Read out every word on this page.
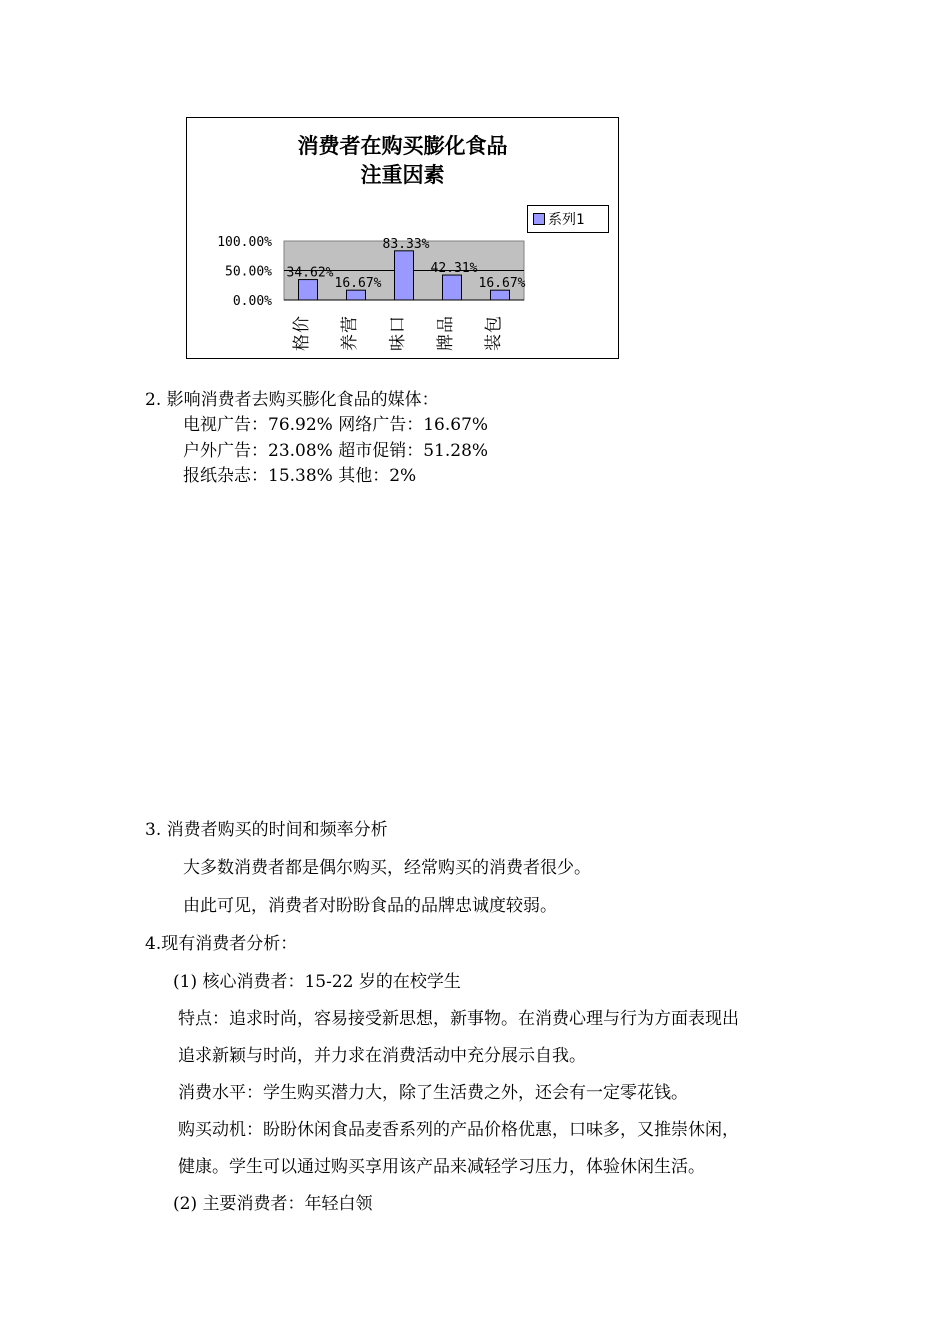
消费者在购买膨化食品
注重因素
100.00%
50.00%
0.00%
34.62%
价
格
16.67%
营
养
83.33%
口
味
42.31%
品
牌
16.67%
包
装
系列1
2. 影响消费者去购买膨化食品的媒体：
电视广告：76.92% 网络广告：16.67%
户外广告：23.08% 超市促销：51.28%
报纸杂志：15.38% 其他：2%
3. 消费者购买的时间和频率分析
大多数消费者都是偶尔购买，经常购买的消费者很少。
由此可见，消费者对盼盼食品的品牌忠诚度较弱。
4.现有消费者分析：
(1) 核心消费者：15-22 岁的在校学生
特点：追求时尚，容易接受新思想，新事物。在消费心理与行为方面表现出
追求新颖与时尚，并力求在消费活动中充分展示自我。
消费水平：学生购买潜力大，除了生活费之外，还会有一定零花钱。
购买动机：盼盼休闲食品麦香系列的产品价格优惠，口味多，又推崇休闲，
健康。学生可以通过购买享用该产品来减轻学习压力，体验休闲生活。
(2) 主要消费者：年轻白领
